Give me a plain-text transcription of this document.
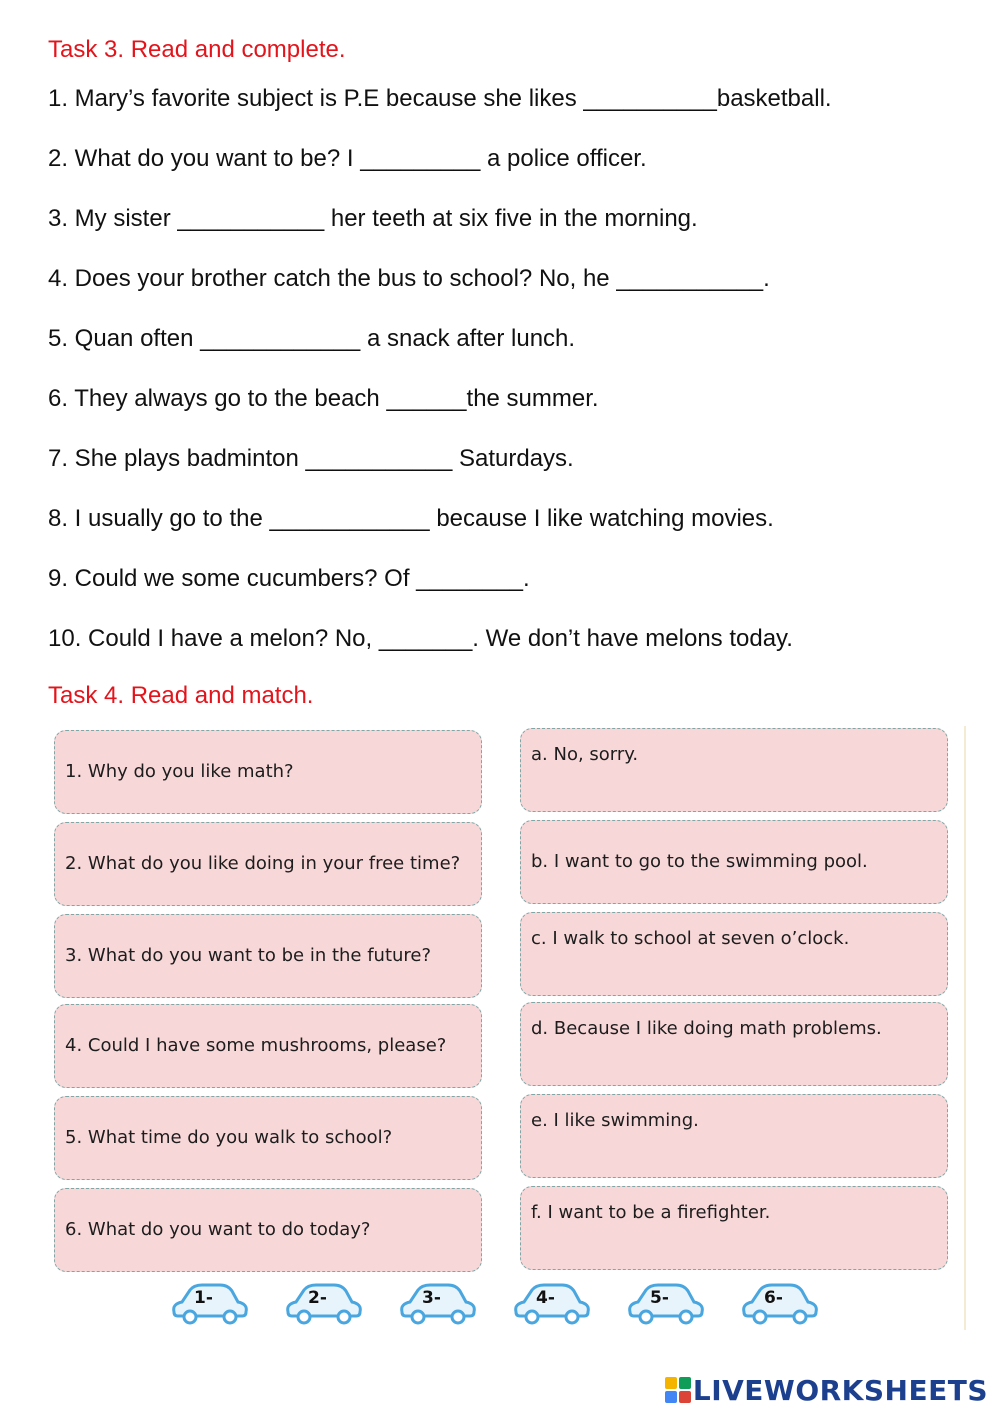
Task 3. Read and complete.
1. Mary’s favorite subject is P.E because she likes __________basketball.
2. What do you want to be? I _________ a police officer.
3. My sister ___________ her teeth at six five in the morning.
4. Does your brother catch the bus to school? No, he ___________.
5. Quan often ____________ a snack after lunch.
6. They always go to the beach ______the summer.
7. She plays badminton ___________ Saturdays.
8. I usually go to the ____________ because I like watching movies.
9. Could we some cucumbers? Of ________.
10. Could I have a melon? No, _______. We don’t have melons today.
Task 4. Read and match.
1. Why do you like math?
2. What do you like doing in your free time?
3. What do you want to be in the future?
4. Could I have some mushrooms, please?
5. What time do you walk to school?
6. What do you want to do today?
a. No, sorry.
b. I want to go to the swimming pool.
c. I walk to school at seven o’clock.
d. Because I like doing math problems.
e. I like swimming.
f. I want to be a firefighter.
1-	2-	3-	4-	5-	6-
LIVEWORKSHEETS
